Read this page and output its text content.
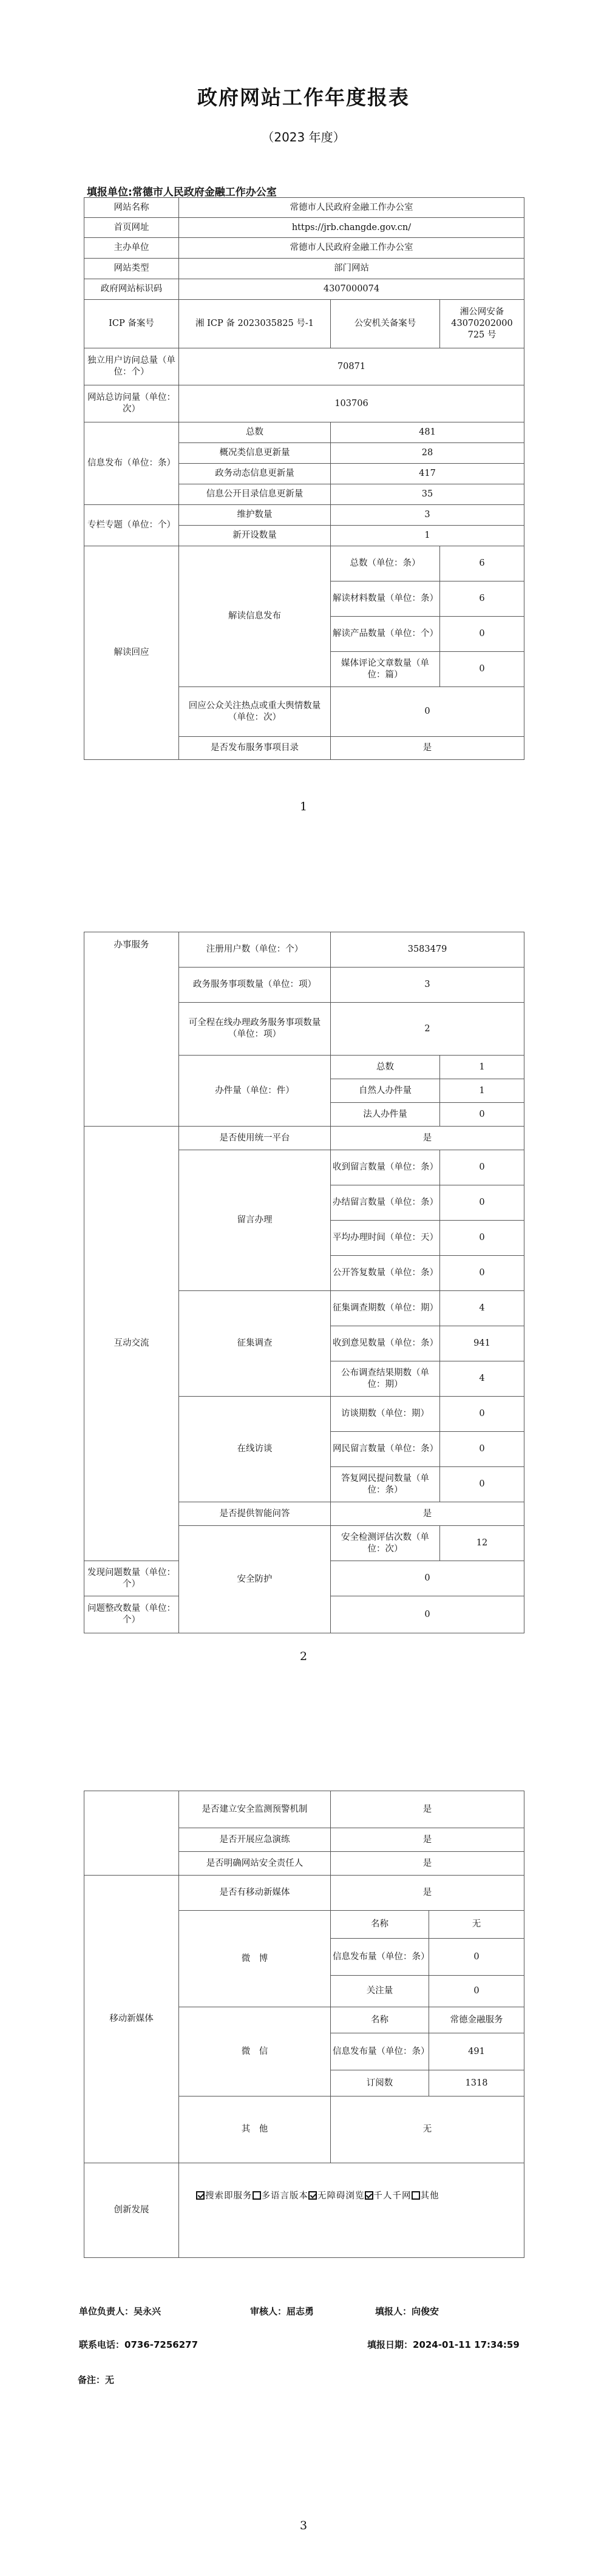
政府网站工作年度报表
（2023 年度）
填报单位:常德市人民政府金融工作办公室
网站名称	常德市人民政府金融工作办公室		
首页网址	https://jrb.changde.gov.cn/		
主办单位	常德市人民政府金融工作办公室		
网站类型	部门网站		
政府网站标识码	4307000074		
ICP 备案号	湘 ICP 备 2023035825 号-1	公安机关备案号	湘公网安备 43070202000 725 号
独立用户访问总量（单位：个）	70871		
网站总访问量（单位：次）	103706		
信息发布（单位：条）	总数	481	
	概况类信息更新量	28	
	政务动态信息更新量	417	
	信息公开目录信息更新量	35	
专栏专题（单位：个）	维护数量	3	
	新开设数量	1	
解读回应	解读信息发布	总数（单位：条）	6
		解读材料数量（单位：条）	6
		解读产品数量（单位：个）	0
		媒体评论文章数量（单位：篇）	0
	回应公众关注热点或重大舆情数量（单位：次）	0	
	是否发布服务事项目录	是	
1
办事服务	注册用户数（单位：个）	3583479	
	政务服务事项数量（单位：项）	3	
	可全程在线办理政务服务事项数量（单位：项）	2	
	办件量（单位：件）	总数	1
		自然人办件量	1
		法人办件量	0
互动交流	是否使用统一平台	是	
	留言办理	收到留言数量（单位：条）	0
		办结留言数量（单位：条）	0
		平均办理时间（单位：天）	0
		公开答复数量（单位：条）	0
	征集调查	征集调查期数（单位：期）	4
		收到意见数量（单位：条）	941
		公布调查结果期数（单位：期）	4
	在线访谈	访谈期数（单位：期）	0
		网民留言数量（单位：条）	0
		答复网民提问数量（单位：条）	0
	是否提供智能问答	是	
	安全防护	安全检测评估次数（单位：次）	12
发现问题数量（单位：个）		0	
问题整改数量（单位：个）		0	
2
	是否建立安全监测预警机制	是	
	是否开展应急演练	是	
	是否明确网站安全责任人	是	
移动新媒体	是否有移动新媒体	是	
	微　博	名称	无
		信息发布量（单位：条）	0
		关注量	0
	微　信	名称	常德金融服务
		信息发布量（单位：条）	491
		订阅数	1318
	其　他	无	
创新发展	搜索即服务 多语言版本 无障碍浏览 千人千网 其他		
单位负责人：吴永兴	审核人：屈志勇	填报人：向俊安
联系电话：0736-7256277	填报日期：2024-01-11 17:34:59
备注：无
3
